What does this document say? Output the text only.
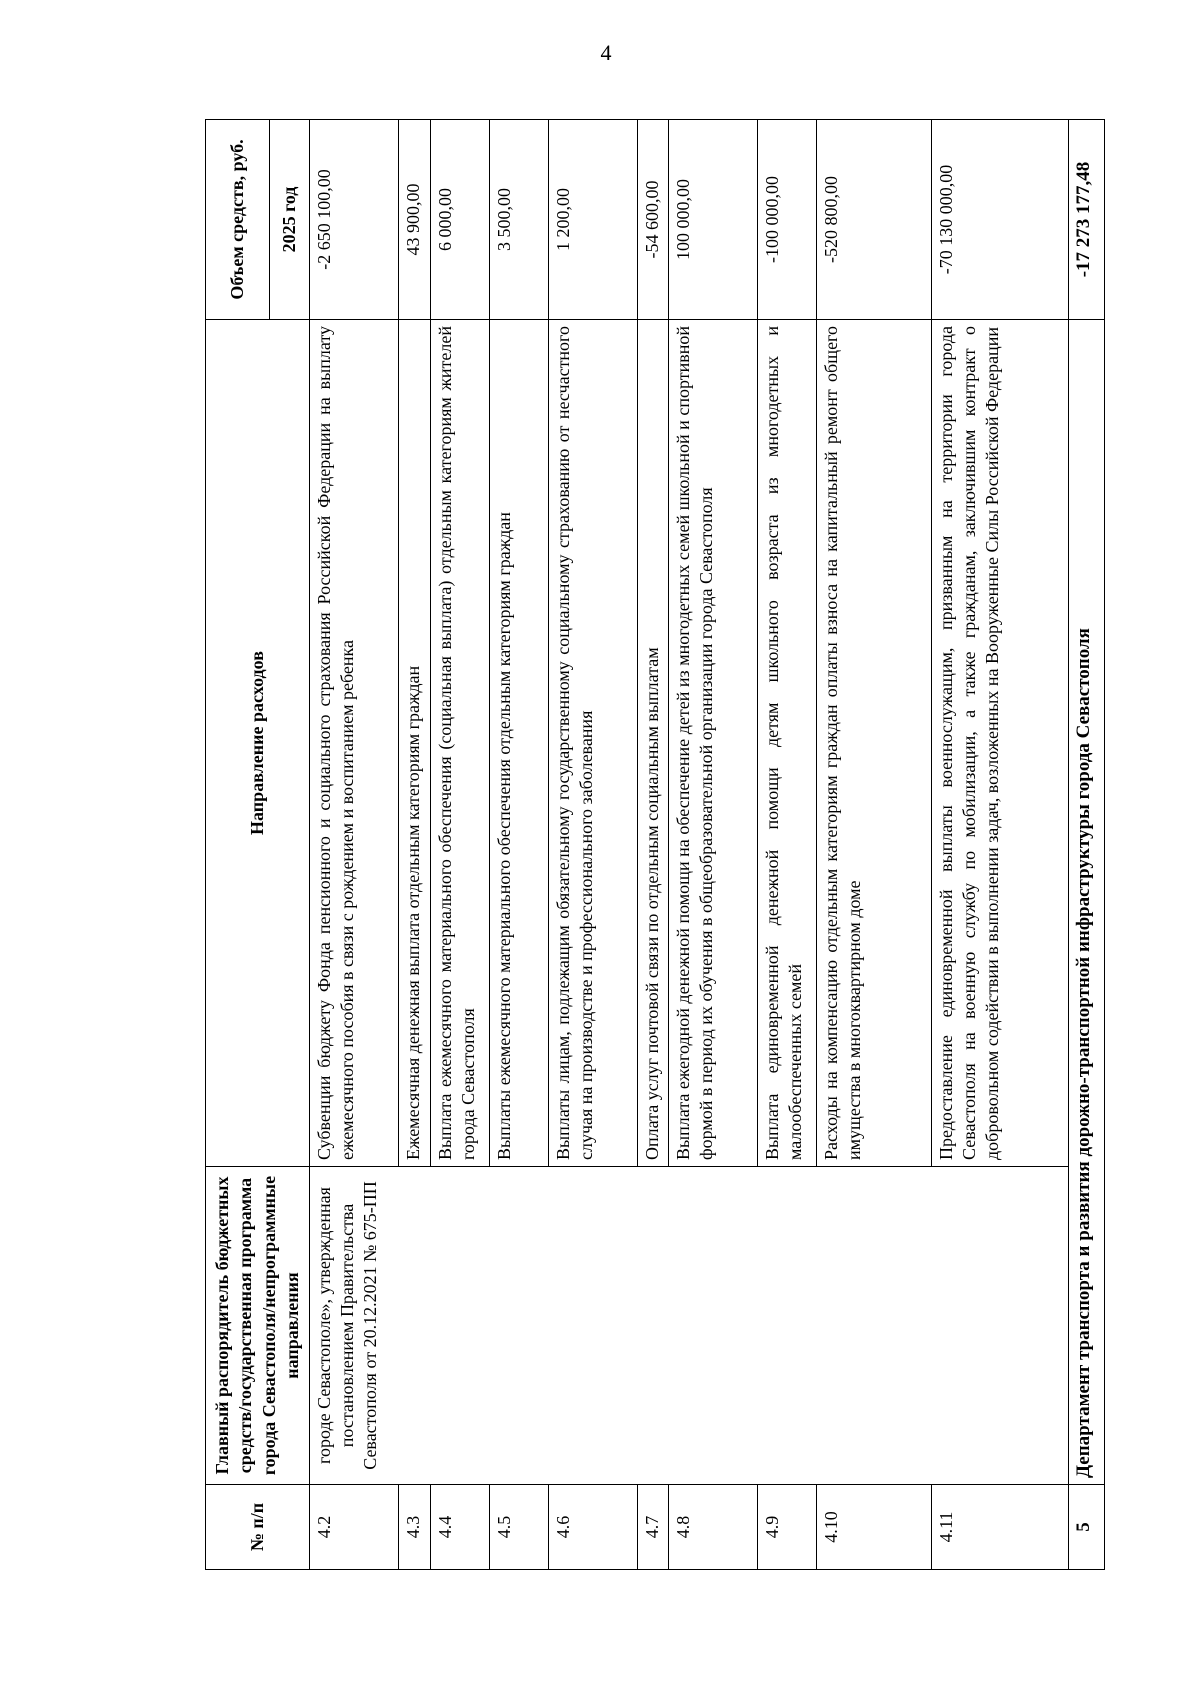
4
№ п/п	Главный распорядитель бюджетных средств/государственная программа города Севастополя/непрограммные направления	Направление расходов	Объем средств, руб.
			2025 год
4.2	городе Севастополе», утвержденная постановлением Правительства Севастополя от 20.12.2021 № 675-ПП	Субвенции бюджету Фонда пенсионного и социального страхования Российской Федерации на выплату ежемесячного пособия в связи с рождением и воспитанием ребенка	-2 650 100,00
4.3		Ежемесячная денежная выплата отдельным категориям граждан	43 900,00
4.4		Выплата ежемесячного материального обеспечения (социальная выплата) отдельным категориям жителей города Севастополя	6 000,00
4.5		Выплаты ежемесячного материального обеспечения отдельным категориям граждан	3 500,00
4.6		Выплаты лицам, подлежащим обязательному государственному социальному страхованию от несчастного случая на производстве и профессионального заболевания	1 200,00
4.7		Оплата услуг почтовой связи по отдельным социальным выплатам	-54 600,00
4.8		Выплата ежегодной денежной помощи на обеспечение детей из многодетных семей школьной и спортивной формой в период их обучения в общеобразовательной организации города Севастополя	100 000,00
4.9		Выплата единовременной денежной помощи детям школьного возраста из многодетных и малообеспеченных семей	-100 000,00
4.10		Расходы на компенсацию отдельным категориям граждан оплаты взноса на капитальный ремонт общего имущества в многоквартирном доме	-520 800,00
4.11		Предоставление единовременной выплаты военнослужащим, призванным на территории города Севастополя на военную службу по мобилизации, а также гражданам, заключившим контракт о добровольном содействии в выполнении задач, возложенных на Вооруженные Силы Российской Федерации	-70 130 000,00
5	Департамент транспорта и развития дорожно-транспортной инфраструктуры города Севастополя		-17 273 177,48
